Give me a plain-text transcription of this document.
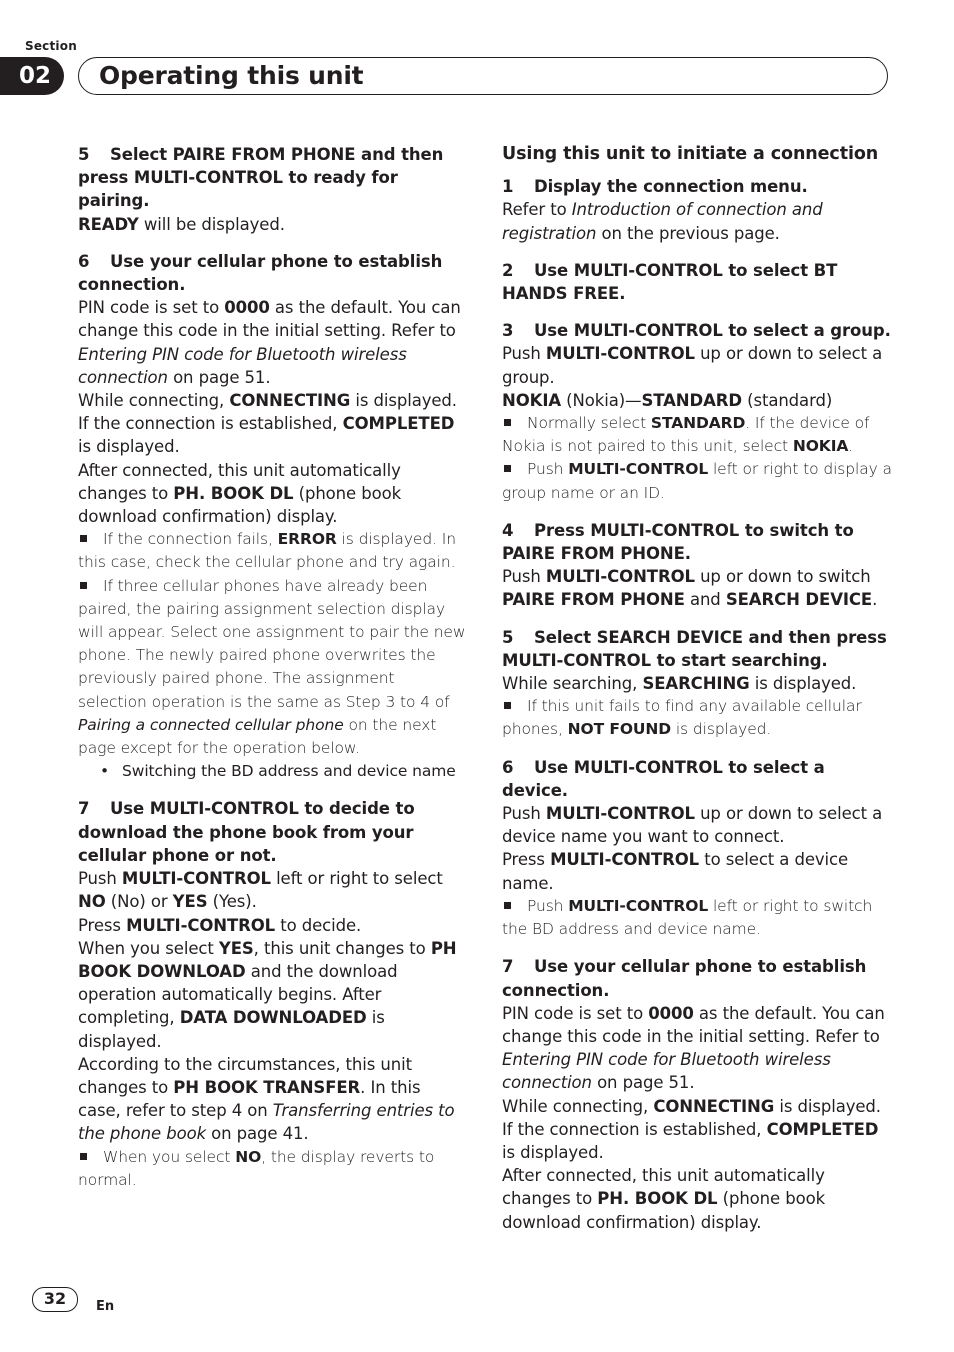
Section
02	Operating this unit
5 Select PAIRE FROM PHONE and then press MULTI-CONTROL to ready for pairing.
READY will be displayed.
6 Use your cellular phone to establish connection.
PIN code is set to 0000 as the default. You can change this code in the initial setting. Refer to Entering PIN code for Bluetooth wireless connection on page 51.
While connecting, CONNECTING is displayed. If the connection is established, COMPLETED is displayed.
After connected, this unit automatically changes to PH. BOOK DL (phone book download confirmation) display.
If the connection fails, ERROR is displayed. In this case, check the cellular phone and try again.
If three cellular phones have already been paired, the pairing assignment selection display will appear. Select one assignment to pair the new phone. The newly paired phone overwrites the previously paired phone. The assignment selection operation is the same as Step 3 to 4 of Pairing a connected cellular phone on the next page except for the operation below.
• Switching the BD address and device name
7 Use MULTI-CONTROL to decide to download the phone book from your cellular phone or not.
Push MULTI-CONTROL left or right to select NO (No) or YES (Yes).
Press MULTI-CONTROL to decide.
When you select YES, this unit changes to PH BOOK DOWNLOAD and the download operation automatically begins. After completing, DATA DOWNLOADED is displayed.
According to the circumstances, this unit changes to PH BOOK TRANSFER. In this case, refer to step 4 on Transferring entries to the phone book on page 41.
When you select NO, the display reverts to normal.
Using this unit to initiate a connection
1 Display the connection menu.
Refer to Introduction of connection and registration on the previous page.
2 Use MULTI-CONTROL to select BT HANDS FREE.
3 Use MULTI-CONTROL to select a group.
Push MULTI-CONTROL up or down to select a group.
NOKIA (Nokia)—STANDARD (standard)
Normally select STANDARD. If the device of Nokia is not paired to this unit, select NOKIA.
Push MULTI-CONTROL left or right to display a group name or an ID.
4 Press MULTI-CONTROL to switch to PAIRE FROM PHONE.
Push MULTI-CONTROL up or down to switch PAIRE FROM PHONE and SEARCH DEVICE.
5 Select SEARCH DEVICE and then press MULTI-CONTROL to start searching.
While searching, SEARCHING is displayed.
If this unit fails to find any available cellular phones, NOT FOUND is displayed.
6 Use MULTI-CONTROL to select a device.
Push MULTI-CONTROL up or down to select a device name you want to connect.
Press MULTI-CONTROL to select a device name.
Push MULTI-CONTROL left or right to switch the BD address and device name.
7 Use your cellular phone to establish connection.
PIN code is set to 0000 as the default. You can change this code in the initial setting. Refer to Entering PIN code for Bluetooth wireless connection on page 51.
While connecting, CONNECTING is displayed. If the connection is established, COMPLETED is displayed.
After connected, this unit automatically changes to PH. BOOK DL (phone book download confirmation) display.
32	En
